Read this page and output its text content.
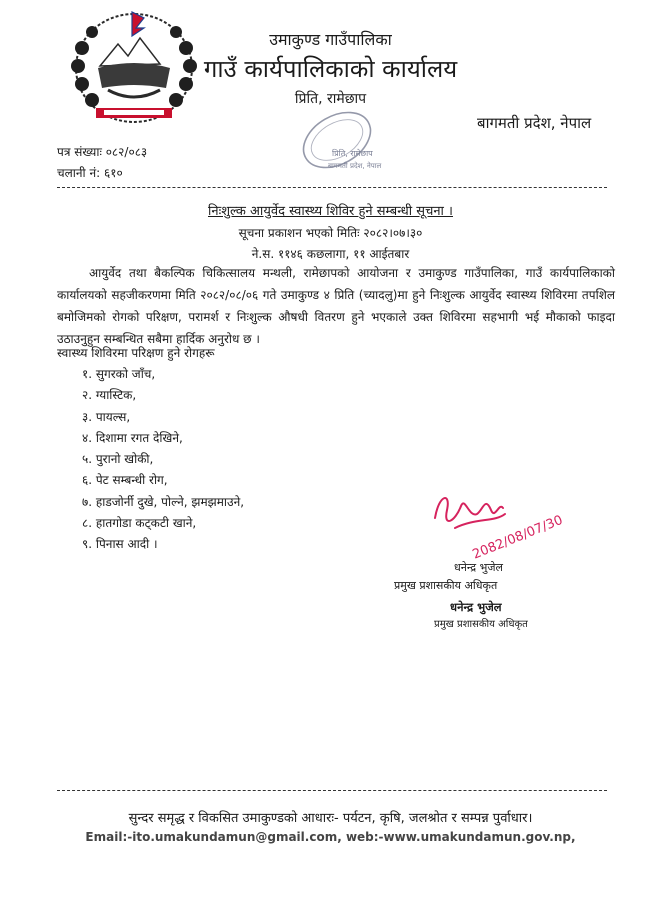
उमाकुण्ड गाउँपालिका
गाउँ कार्यपालिकाको कार्यालय
प्रिति, रामेछाप
बागमती प्रदेश, नेपाल
पत्र संख्याः ०८२/०८३
चलानी नं: ६१०
प्रिति, रामेछाप
बागमती प्रदेश, नेपाल
निःशुल्क आयुर्वेद स्वास्थ्य शिविर हुने सम्बन्धी सूचना ।
सूचना प्रकाशन भएको मितिः २०८२।०७।३०
ने.स. ११४६ कछलागा, ११ आईतबार

आयुर्वेद तथा बैकल्पिक चिकित्सालय मन्थली, रामेछापको आयोजना र उमाकुण्ड गाउँपालिका, गाउँ कार्यपालिकाको कार्यालयको सहजीकरणमा मिति २०८२/०८/०६ गते उमाकुण्ड ४ प्रिति (च्यादलु)मा हुने निःशुल्क आयुर्वेद स्वास्थ्य शिविरमा तपशिल बमोजिमको रोगको परिक्षण, परामर्श र निःशुल्क औषधी वितरण हुने भएकाले उक्त शिविरमा सहभागी भई मौकाको फाइदा उठाउनुहुन सम्बन्धित सबैमा हार्दिक अनुरोध छ ।

स्वास्थ्य शिविरमा परिक्षण हुने रोगहरू
१. सुगरको जाँच,
२. ग्यास्टिक,
३. पायल्स,
४. दिशामा रगत देखिने,
५. पुरानो खोकी,
६. पेट सम्बन्धी रोग,
७. हाडजोर्नी दुखे, पोल्ने, झमझमाउने,
८. हातगोडा कट्कटी खाने,
९. पिनास आदी ।	2082/08/07/30
धनेन्द्र भुजेल
प्रमुख प्रशासकीय अधिकृत
धनेन्द्र भुजेल
प्रमुख प्रशासकीय अधिकृत
सुन्दर समृद्ध र विकसित उमाकुण्डको आधारः- पर्यटन, कृषि, जलश्रोत र सम्पन्न पुर्वाधार।
Email:-ito.umakundamun@gmail.com, web:-www.umakundamun.gov.np,
